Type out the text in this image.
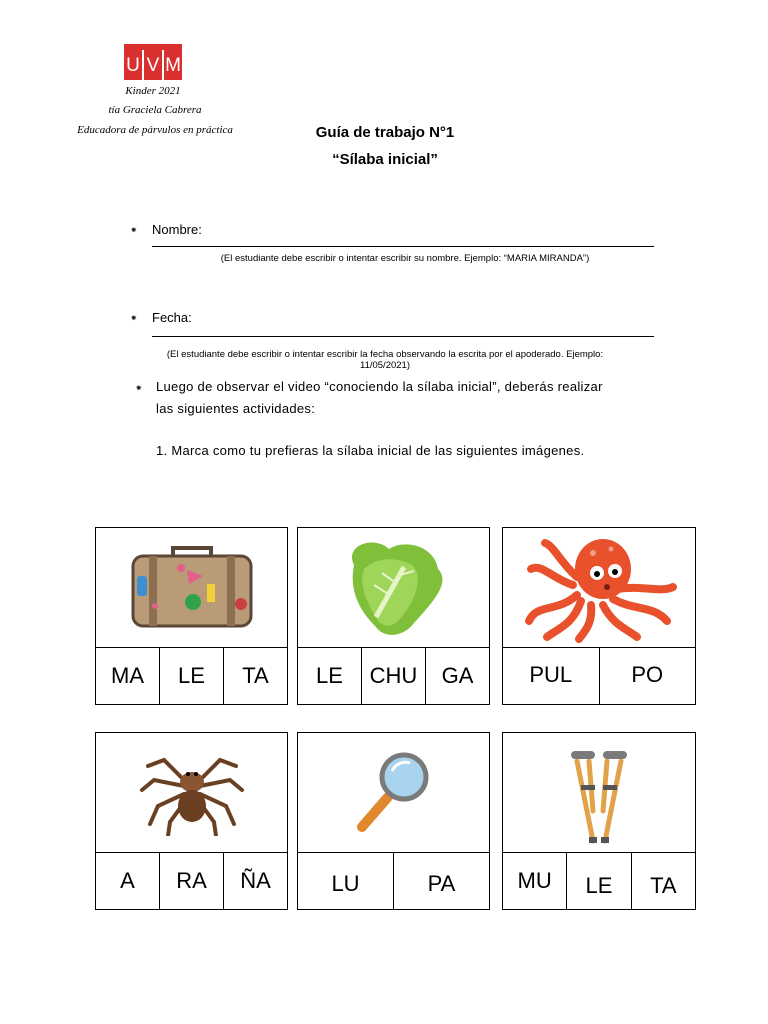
U V M
Kinder 2021
tía Graciela Cabrera
Educadora de párvulos en práctica	Guía de trabajo N°1
“Sílaba inicial”
⁕ Nombre:
(El estudiante debe escribir o intentar escribir su nombre. Ejemplo: “MARIA MIRANDA”)
⁕ Fecha:
(El estudiante debe escribir o intentar escribir la fecha observando la escrita por el apoderado. Ejemplo:
11/05/2021)
⁕ Luego de observar el video “conociendo la sílaba inicial”, deberás realizar
las siguientes actividades:
1. Marca como tu prefieras la sílaba inicial de las siguientes imágenes.
MA	LE	TA	LE	CHU	GA	PUL	PO
A	RA	ÑA	LU	PA	MU	LE	TA
